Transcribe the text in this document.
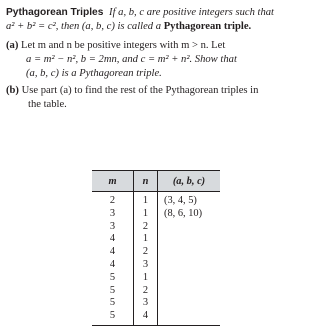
Pythagorean Triples If a, b, c are positive integers such that
a² + b² = c², then (a, b, c) is called a Pythagorean triple.
(a) Let m and n be positive integers with m > n. Let
a = m² − n², b = 2mn, and c = m² + n². Show that
(a, b, c) is a Pythagorean triple.
(b) Use part (a) to find the rest of the Pythagorean triples in
the table.
m	n	(a, b, c)
2	1	(3, 4, 5)
3	1	(8, 6, 10)
3	2	
4	1	
4	2	
4	3	
5	1	
5	2	
5	3	
5	4	
